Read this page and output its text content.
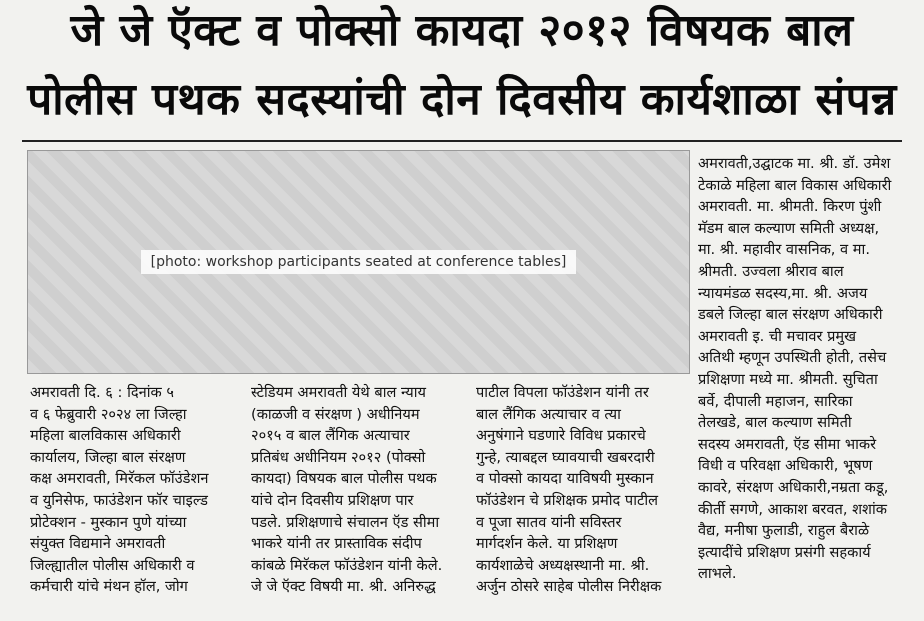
जे जे ऍक्ट व पोक्सो कायदा २०१२ विषयक बाल
पोलीस पथक सदस्यांची दोन दिवसीय कार्यशाळा संपन्न
[photo: workshop participants seated at conference tables]
अमरावती दि. ६ : दिनांक ५
व ६ फेब्रुवारी २०२४ ला जिल्हा
महिला बालविकास अधिकारी
कार्यालय, जिल्हा बाल संरक्षण
कक्ष अमरावती, मिरॅकल फॉउंडेशन
व युनिसेफ, फाउंडेशन फॉर चाइल्ड
प्रोटेक्शन - मुस्कान पुणे यांच्या
संयुक्त विद्यमाने अमरावती
जिल्ह्यातील पोलीस अधिकारी व
कर्मचारी यांचे मंथन हॉल, जोग
स्टेडियम अमरावती येथे बाल न्याय
(काळजी व संरक्षण ) अधीनियम
२०१५ व बाल लैंगिक अत्याचार
प्रतिबंध अधीनियम २०१२ (पोक्सो
कायदा) विषयक बाल पोलीस पथक
यांचे दोन दिवसीय प्रशिक्षण पार
पडले. प्रशिक्षणाचे संचालन ऍड सीमा
भाकरे यांनी तर प्रास्ताविक संदीप
कांबळे मिरॅकल फॉउंडेशन यांनी केले.
जे जे ऍक्ट विषयी मा. श्री. अनिरुद्ध
पाटील विपला फॉउंडेशन यांनी तर
बाल लैंगिक अत्याचार व त्या
अनुषंगाने घडणारे विविध प्रकारचे
गुन्हे, त्याबद्दल घ्यावयाची खबरदारी
व पोक्सो कायदा याविषयी मुस्कान
फॉउंडेशन चे प्रशिक्षक प्रमोद पाटील
व पूजा सातव यांनी सविस्तर
मार्गदर्शन केले. या प्रशिक्षण
कार्यशाळेचे अध्यक्षस्थानी मा. श्री.
अर्जुन ठोसरे साहेब पोलीस निरीक्षक
अमरावती,उद्घाटक मा. श्री. डॉ. उमेश
टेकाळे महिला बाल विकास अधिकारी
अमरावती. मा. श्रीमती. किरण पुंशी
मॅडम बाल कल्याण समिती अध्यक्ष,
मा. श्री. महावीर वासनिक, व मा.
श्रीमती. उज्वला श्रीराव बाल
न्यायमंडळ सदस्य,मा. श्री. अजय
डबले जिल्हा बाल संरक्षण अधिकारी
अमरावती इ. ची मचावर प्रमुख
अतिथी म्हणून उपस्थिती होती, तसेच
प्रशिक्षणा मध्ये मा. श्रीमती. सुचिता
बर्वे, दीपाली महाजन, सारिका
तेलखडे, बाल कल्याण समिती
सदस्य अमरावती, ऍड सीमा भाकरे
विधी व परिवक्षा अधिकारी, भूषण
कावरे, संरक्षण अधिकारी,नम्रता कडू,
कीर्ती सगणे, आकाश बरवत, शशांक
वैद्य, मनीषा फुलाडी, राहुल बैराळे
इत्यादींचे प्रशिक्षण प्रसंगी सहकार्य
लाभले.
